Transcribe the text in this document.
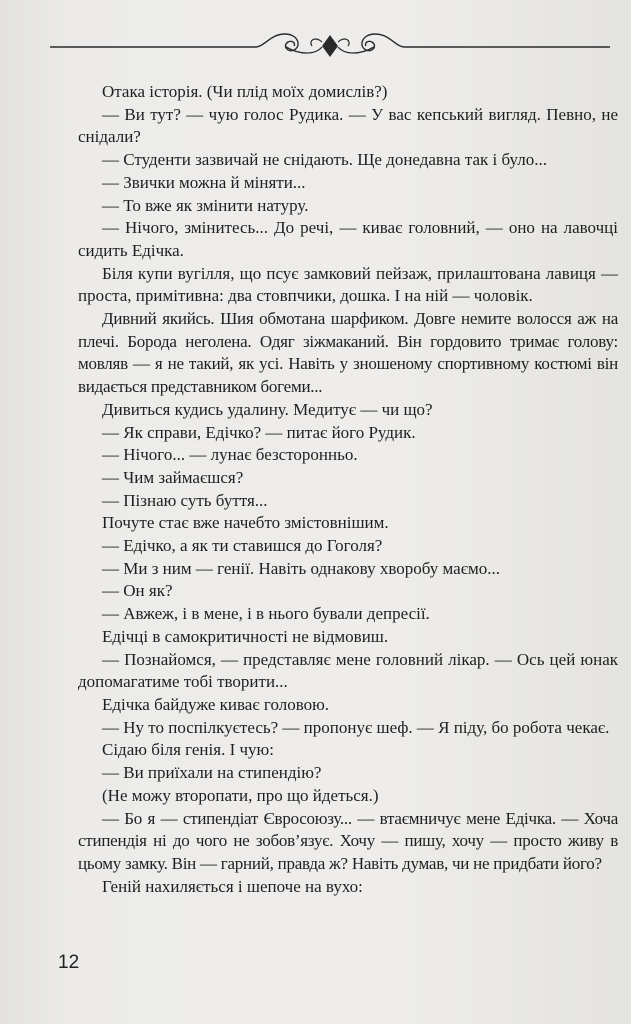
Отака історія. (Чи плід моїх домислів?)

— Ви тут? — чую голос Рудика. — У вас кепський вигляд. Певно, не снідали?

— Студенти зазвичай не снідають. Ще донедавна так і було...

— Звички можна й міняти...

— То вже як змінити натуру.

— Нічого, змінитесь... До речі, — киває головний, — оно на лавочці сидить Едічка.

Біля купи вугілля, що псує замковий пейзаж, прилаштована лавиця — проста, примітивна: два стовпчики, дошка. І на ній — чоловік.

Дивний якийсь. Шия обмотана шарфиком. Довге немите волосся аж на плечі. Борода неголена. Одяг зіжмаканий. Він гордовито тримає голову: мовляв — я не такий, як усі. Навіть у зношеному спортивному костюмі він видається представником богеми...

Дивиться кудись удалину. Медитує — чи що?

— Як справи, Едічко? — питає його Рудик.

— Нічого... — лунає безсторонньо.

— Чим займаєшся?

— Пізнаю суть буття...

Почуте стає вже начебто змістовнішим.

— Едічко, а як ти ставишся до Гоголя?

— Ми з ним — генії. Навіть однакову хворобу маємо...

— Он як?

— Авжеж, і в мене, і в нього бували депресії.

Едічці в самокритичності не відмовиш.

— Познайомся, — представляє мене головний лікар. — Ось цей юнак допомагатиме тобі творити...

Едічка байдуже киває головою.

— Ну то поспілкуєтесь? — пропонує шеф. — Я піду, бо робота чекає.

Сідаю біля генія. І чую:

— Ви приїхали на стипендію?

(Не можу второпати, про що йдеться.)

— Бо я — стипендіат Євросоюзу... — втаємничує мене Едічка. — Хоча стипендія ні до чого не зобов’язує. Хочу — пишу, хочу — просто живу в цьому замку. Він — гарний, правда ж? Навіть думав, чи не придбати його?

Геній нахиляється і шепоче на вухо:

12
